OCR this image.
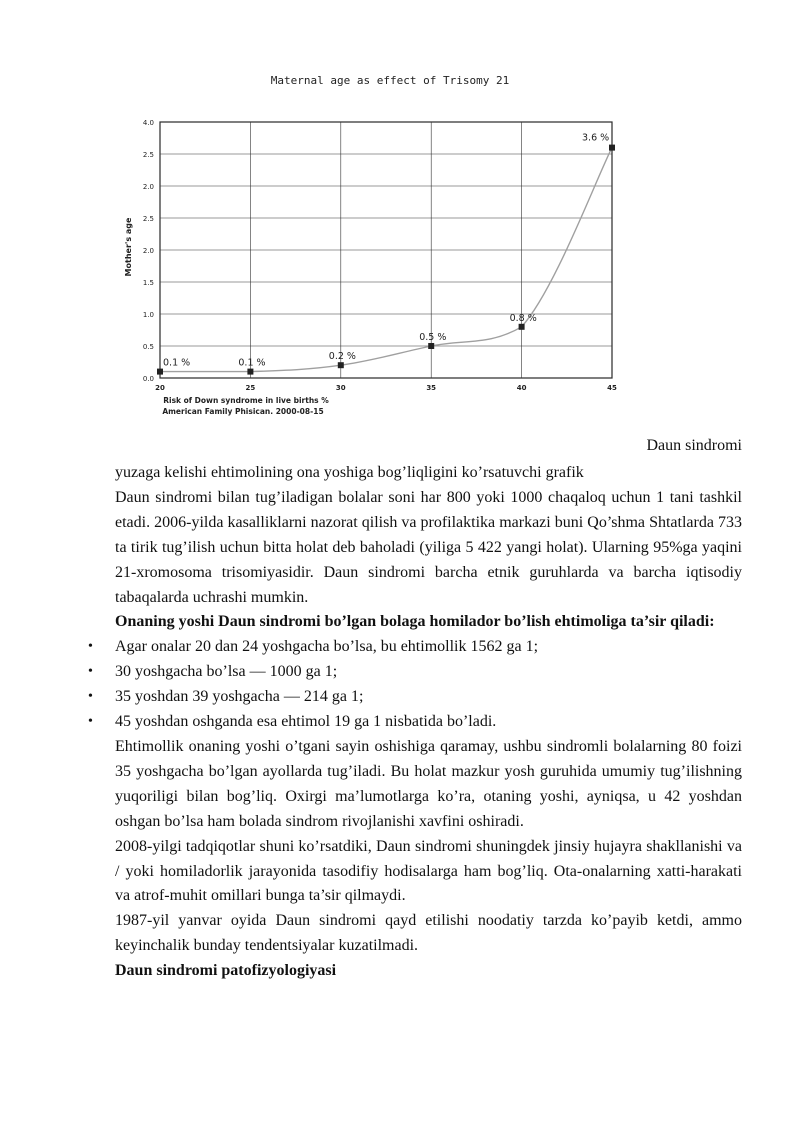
Maternal age as effect of Trisomy 21
0.0
0.5
1.0
1.5
2.0
2.5
2.0
2.5
4.0
20	25	30	35	40	45
0.1 %	0.1 %
0.2 %
0.5 %
0.8 %
3.6 %
Mother's age
Risk of Down syndrome in live births %
American Family Phisican. 2000-08-15
Daun sindromi

yuzaga kelishi ehtimolining ona yoshiga bog’liqligini ko’rsatuvchi grafik

Daun sindromi bilan tug’iladigan bolalar soni har 800 yoki 1000 chaqaloq uchun 1 tani tashkil etadi. 2006-yilda kasalliklarni nazorat qilish va profilaktika markazi buni Qo’shma Shtatlarda 733 ta tirik tug’ilish uchun bitta holat deb baholadi (yiliga 5 422 yangi holat). Ularning 95%ga yaqini 21-xromosoma trisomiyasidir. Daun sindromi barcha etnik guruhlarda va barcha iqtisodiy tabaqalarda uchrashi mumkin.

Onaning yoshi Daun sindromi bo’lgan bolaga homilador bo’lish ehtimoliga ta’sir qiladi:

• Agar onalar 20 dan 24 yoshgacha bo’lsa, bu ehtimollik 1562 ga 1;
• 30 yoshgacha bo’lsa — 1000 ga 1;
• 35 yoshdan 39 yoshgacha — 214 ga 1;
• 45 yoshdan oshganda esa ehtimol 19 ga 1 nisbatida bo’ladi.

Ehtimollik onaning yoshi o’tgani sayin oshishiga qaramay, ushbu sindromli bolalarning 80 foizi 35 yoshgacha bo’lgan ayollarda tug’iladi. Bu holat mazkur yosh guruhida umumiy tug’ilishning yuqoriligi bilan bog’liq. Oxirgi ma’lumotlarga ko’ra, otaning yoshi, ayniqsa, u 42 yoshdan oshgan bo’lsa ham bolada sindrom rivojlanishi xavfini oshiradi.

2008-yilgi tadqiqotlar shuni ko’rsatdiki, Daun sindromi shuningdek jinsiy hujayra shakllanishi va / yoki homiladorlik jarayonida tasodifiy hodisalarga ham bog’liq. Ota-onalarning xatti-harakati va atrof-muhit omillari bunga ta’sir qilmaydi.

1987-yil yanvar oyida Daun sindromi qayd etilishi noodatiy tarzda ko’payib ketdi, ammo keyinchalik bunday tendentsiyalar kuzatilmadi.

Daun sindromi patofizyologiyasi
